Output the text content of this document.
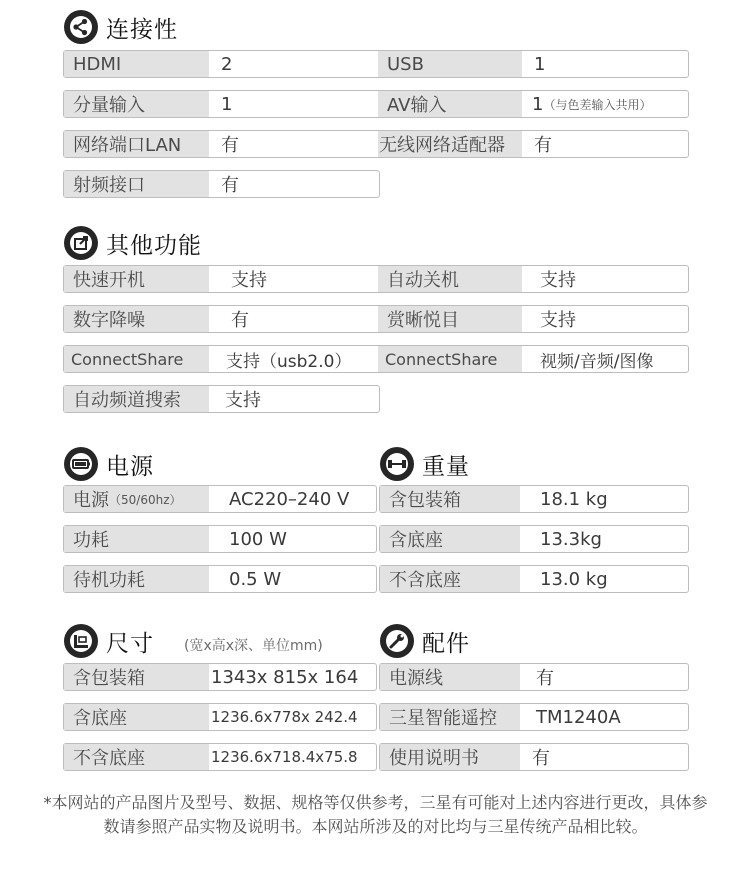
连接性
HDMI	2	USB	1
分量输入	1	AV输入	1 （与色差输入共用）
网络端口LAN	有	无线网络适配器	有
射频接口	有
其他功能
快速开机	支持	自动关机	支持
数字降噪	有	赏晰悦目	支持
ConnectShare	支持（usb2.0）	ConnectShare	视频/音频/图像
自动频道搜索	支持
电源
电源 （50/60hz）	AC220–240 V
功耗	100 W
待机功耗	0.5 W
重量
含包装箱	18.1 kg
含底座	13.3kg
不含底座	13.0 kg
尺寸 (宽x高x深、单位mm)
含包装箱	1343x 815x 164
含底座	1236.6x778x 242.4
不含底座	1236.6x718.4x75.8
配件
电源线	有
三星智能遥控	TM1240A
使用说明书	有
*本网站的产品图片及型号、数据、规格等仅供参考，三星有可能对上述内容进行更改，具体参数请参照产品实物及说明书。本网站所涉及的对比均与三星传统产品相比较。
